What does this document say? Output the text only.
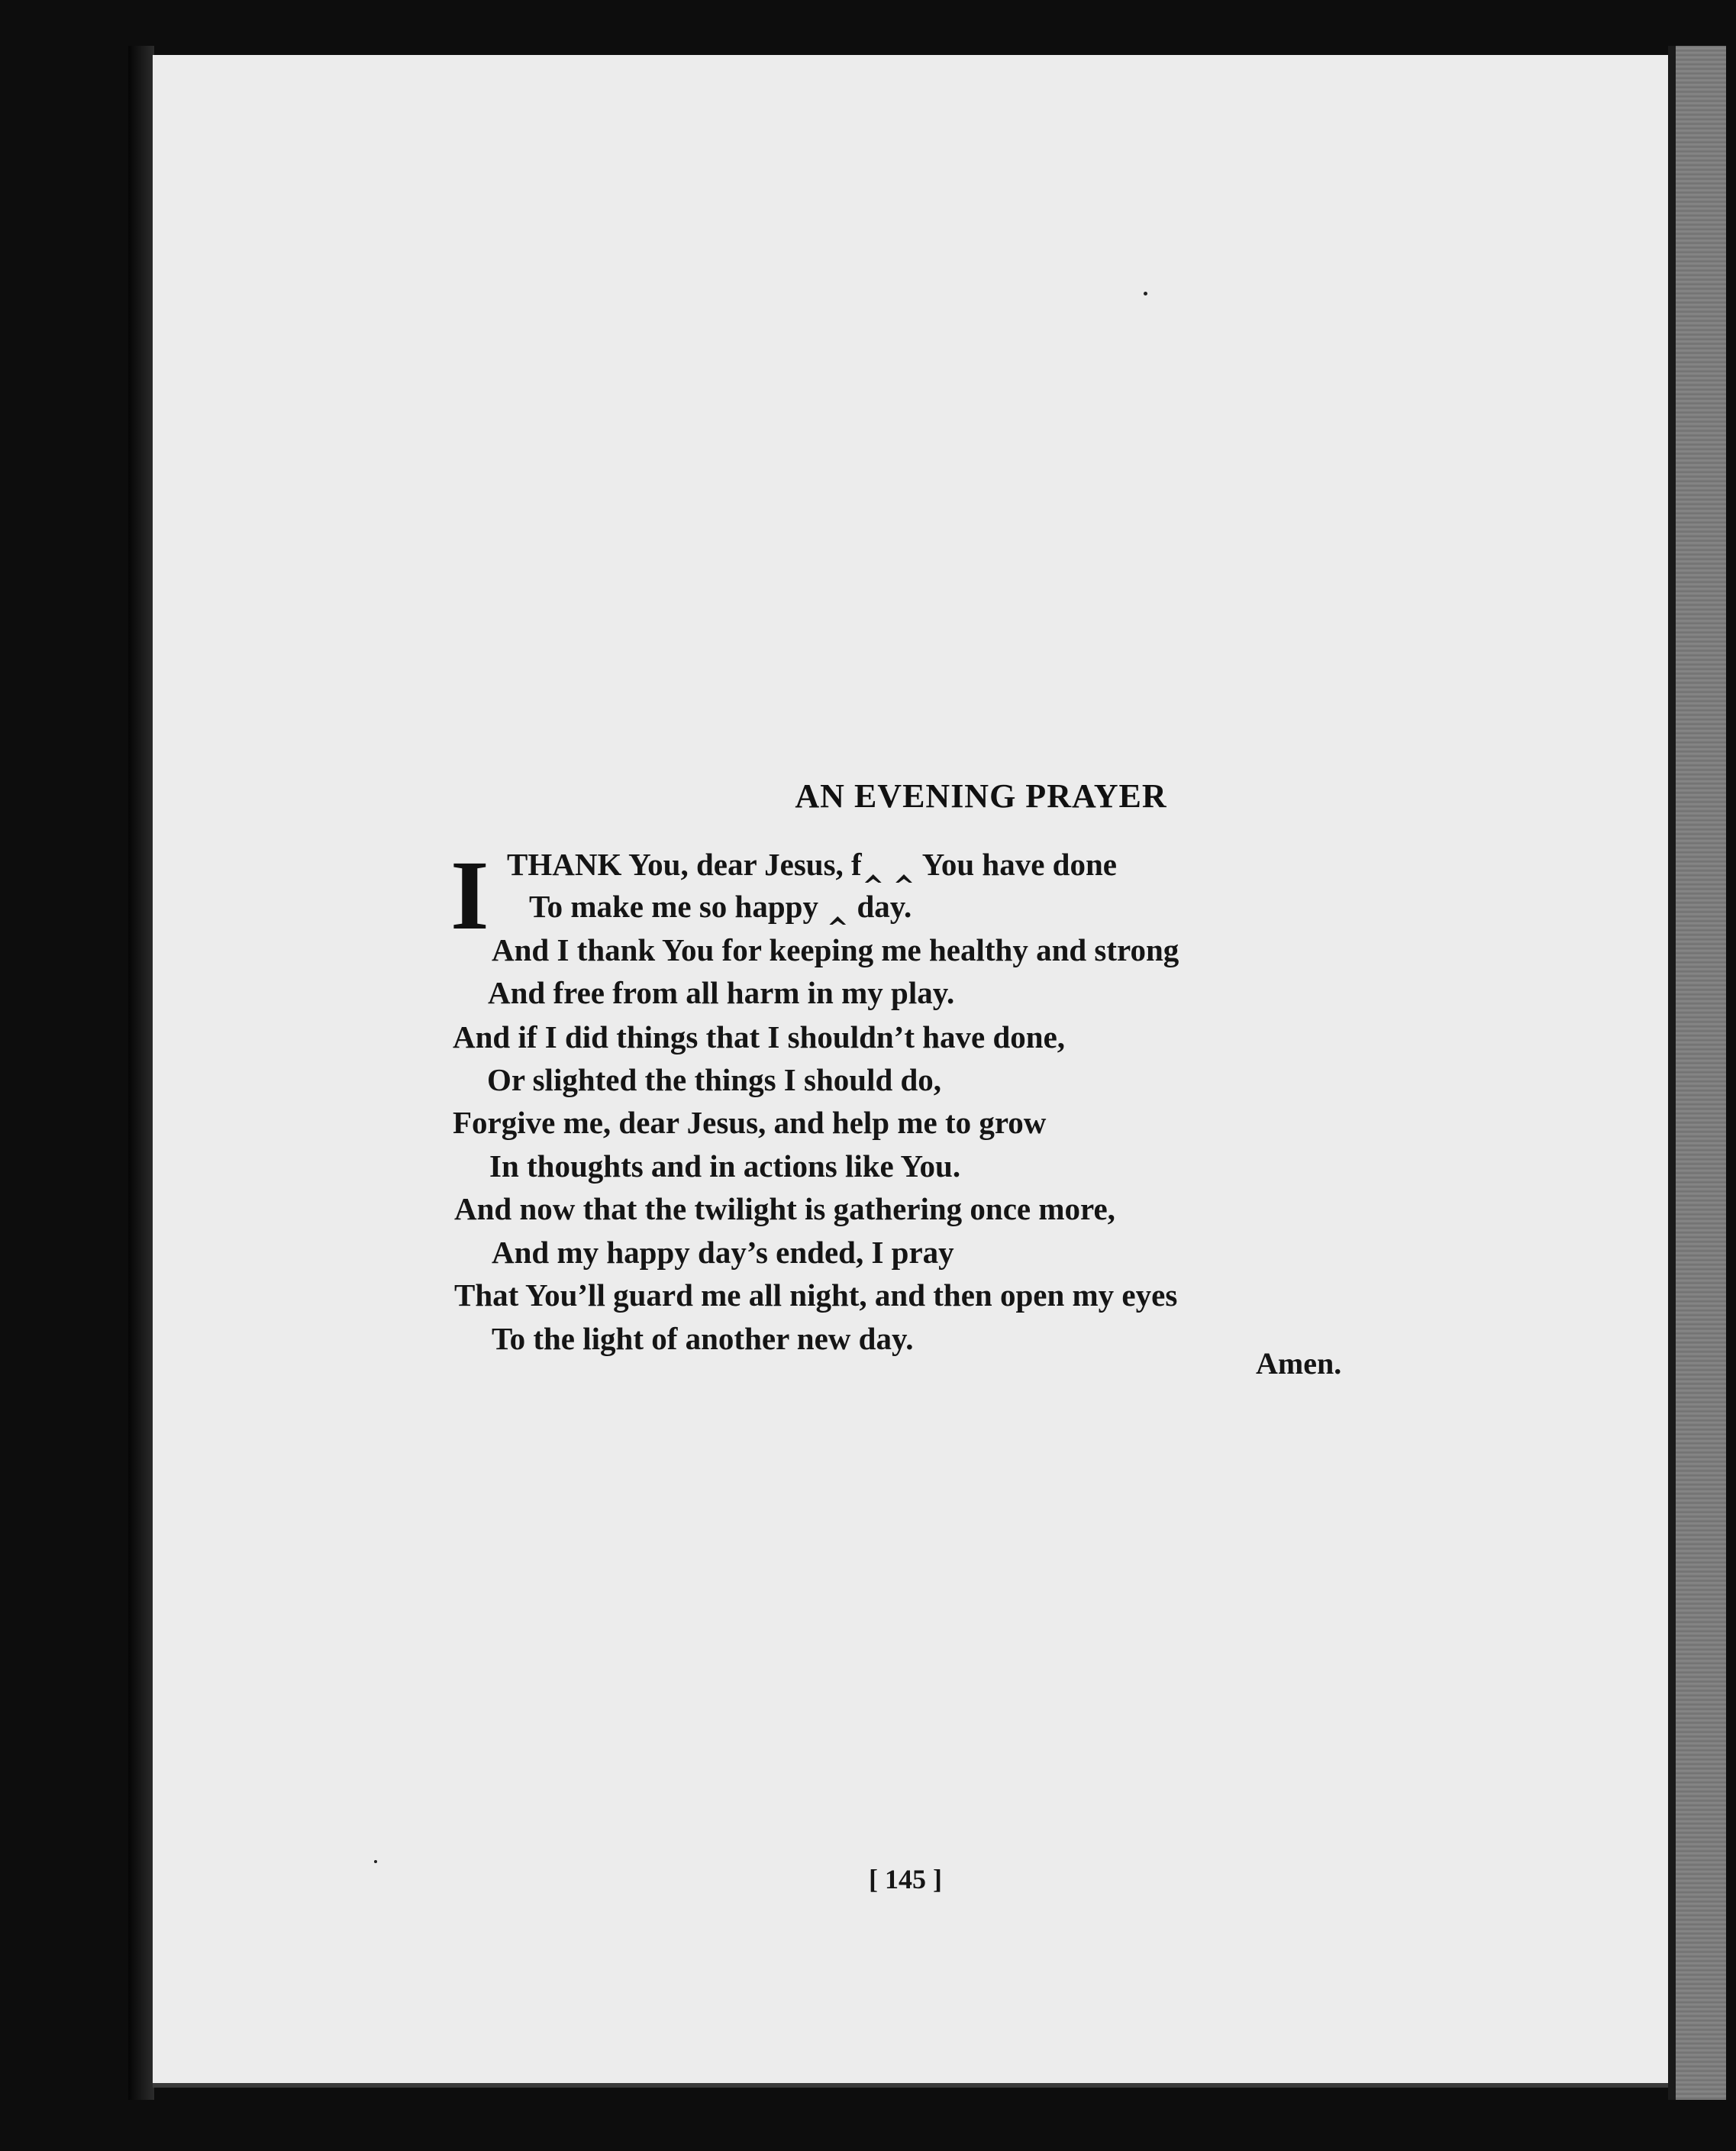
AN EVENING PRAYER
I THANK You, dear Jesus, f‸ ‸ You have done
To make me so happy ‸ day.
And I thank You for keeping me healthy and strong
And free from all harm in my play.
And if I did things that I shouldn’t have done,
Or slighted the things I should do,
Forgive me, dear Jesus, and help me to grow
In thoughts and in actions like You.
And now that the twilight is gathering once more,
And my happy day’s ended, I pray
That You’ll guard me all night, and then open my eyes
To the light of another new day.
Amen.
[ 145 ]
